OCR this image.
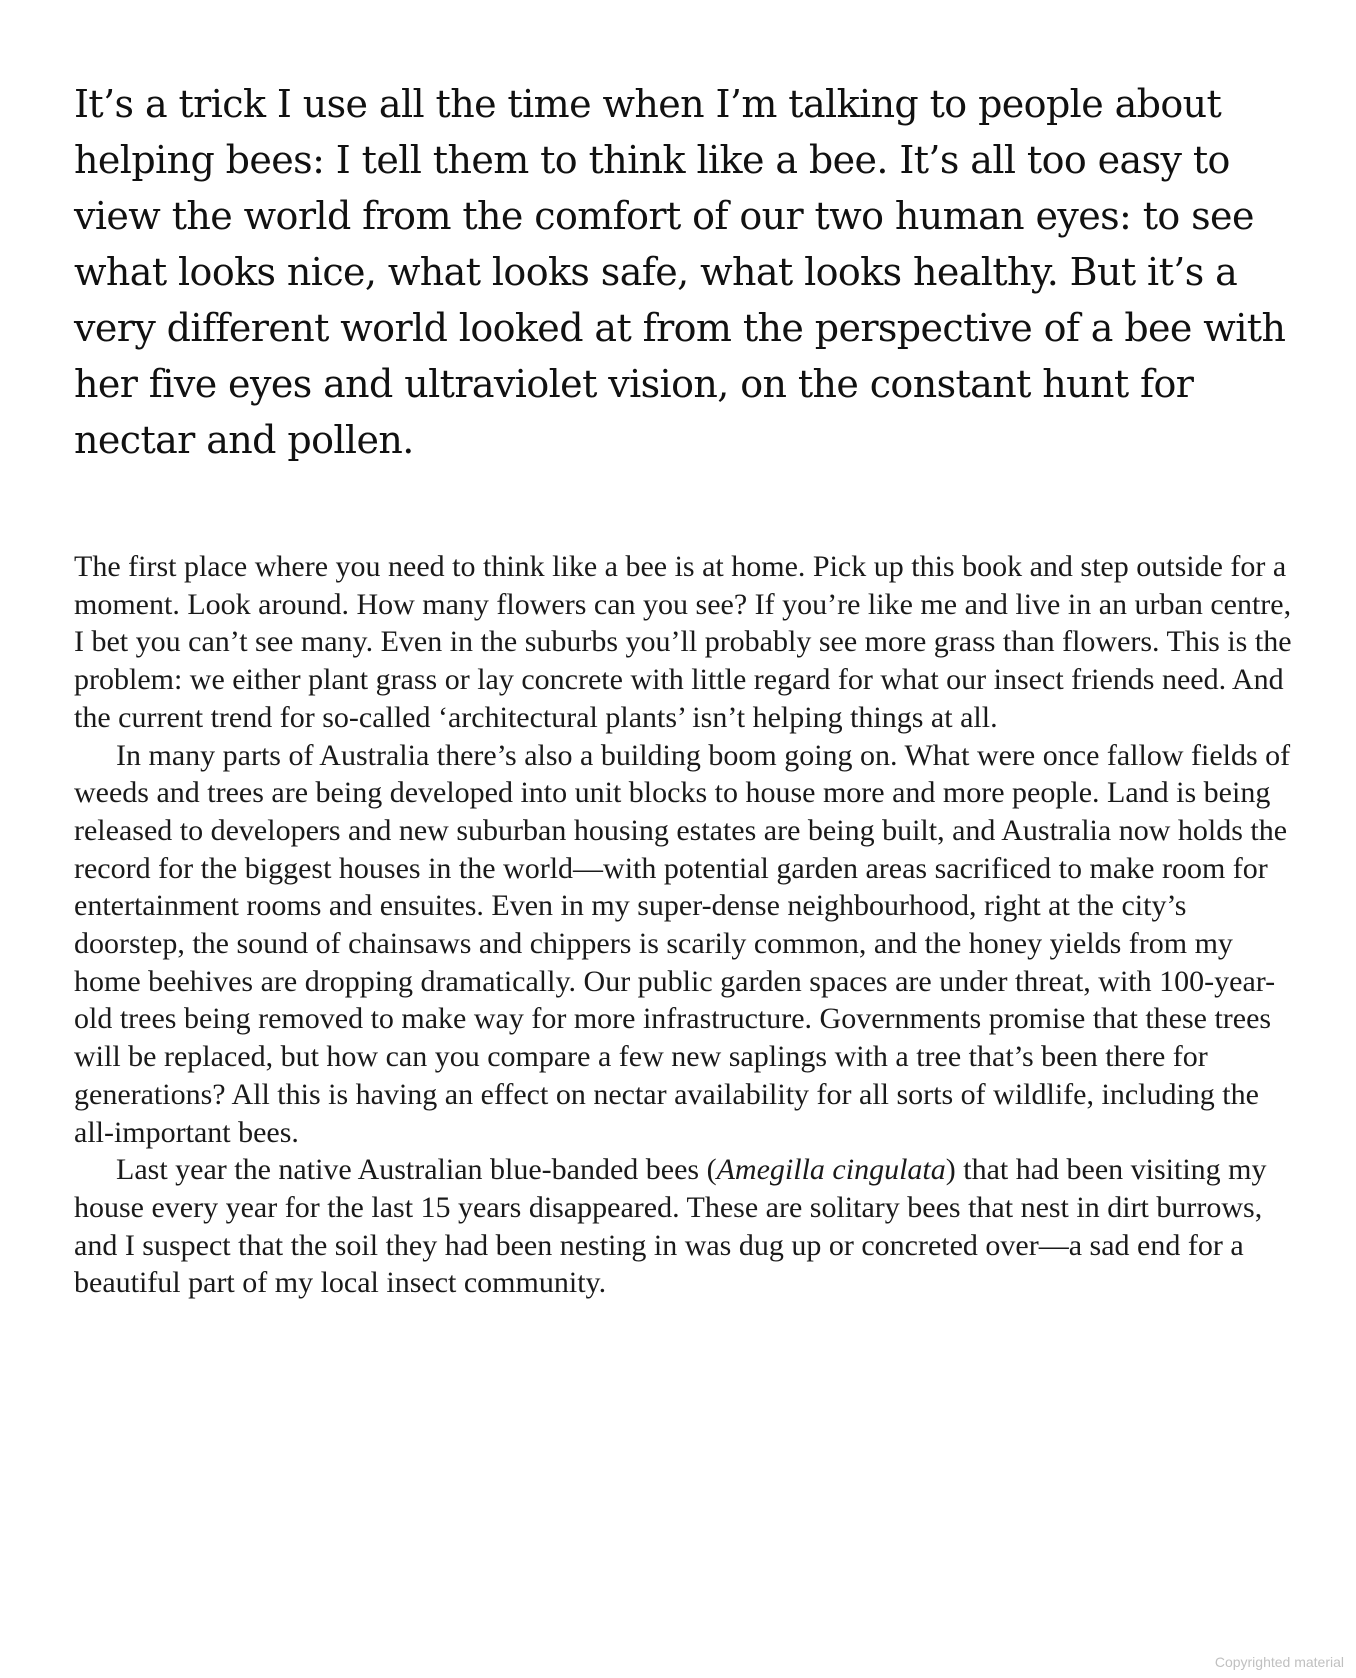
It’s a trick I use all the time when I’m talking to people about helping bees: I tell them to think like a bee. It’s all too easy to view the world from the comfort of our two human eyes: to see what looks nice, what looks safe, what looks healthy. But it’s a very different world looked at from the perspective of a bee with her five eyes and ultraviolet vision, on the constant hunt for nectar and pollen.

The first place where you need to think like a bee is at home. Pick up this book and step outside for a moment. Look around. How many flowers can you see? If you’re like me and live in an urban centre, I bet you can’t see many. Even in the suburbs you’ll probably see more grass than flowers. This is the problem: we either plant grass or lay concrete with little regard for what our insect friends need. And the current trend for so-called ‘architectural plants’ isn’t helping things at all.

In many parts of Australia there’s also a building boom going on. What were once fallow fields of weeds and trees are being developed into unit blocks to house more and more people. Land is being released to developers and new suburban housing estates are being built, and Australia now holds the record for the biggest houses in the world—with potential garden areas sacrificed to make room for entertainment rooms and ensuites. Even in my super-dense neighbourhood, right at the city’s doorstep, the sound of chainsaws and chippers is scarily common, and the honey yields from my home beehives are dropping dramatically. Our public garden spaces are under threat, with 100-year-old trees being removed to make way for more infrastructure. Governments promise that these trees will be replaced, but how can you compare a few new saplings with a tree that’s been there for generations? All this is having an effect on nectar availability for all sorts of wildlife, including the all-important bees.

Last year the native Australian blue-banded bees (Amegilla cingulata) that had been visiting my house every year for the last 15 years disappeared. These are solitary bees that nest in dirt burrows, and I suspect that the soil they had been nesting in was dug up or concreted over—a sad end for a beautiful part of my local insect community.

Copyrighted material
